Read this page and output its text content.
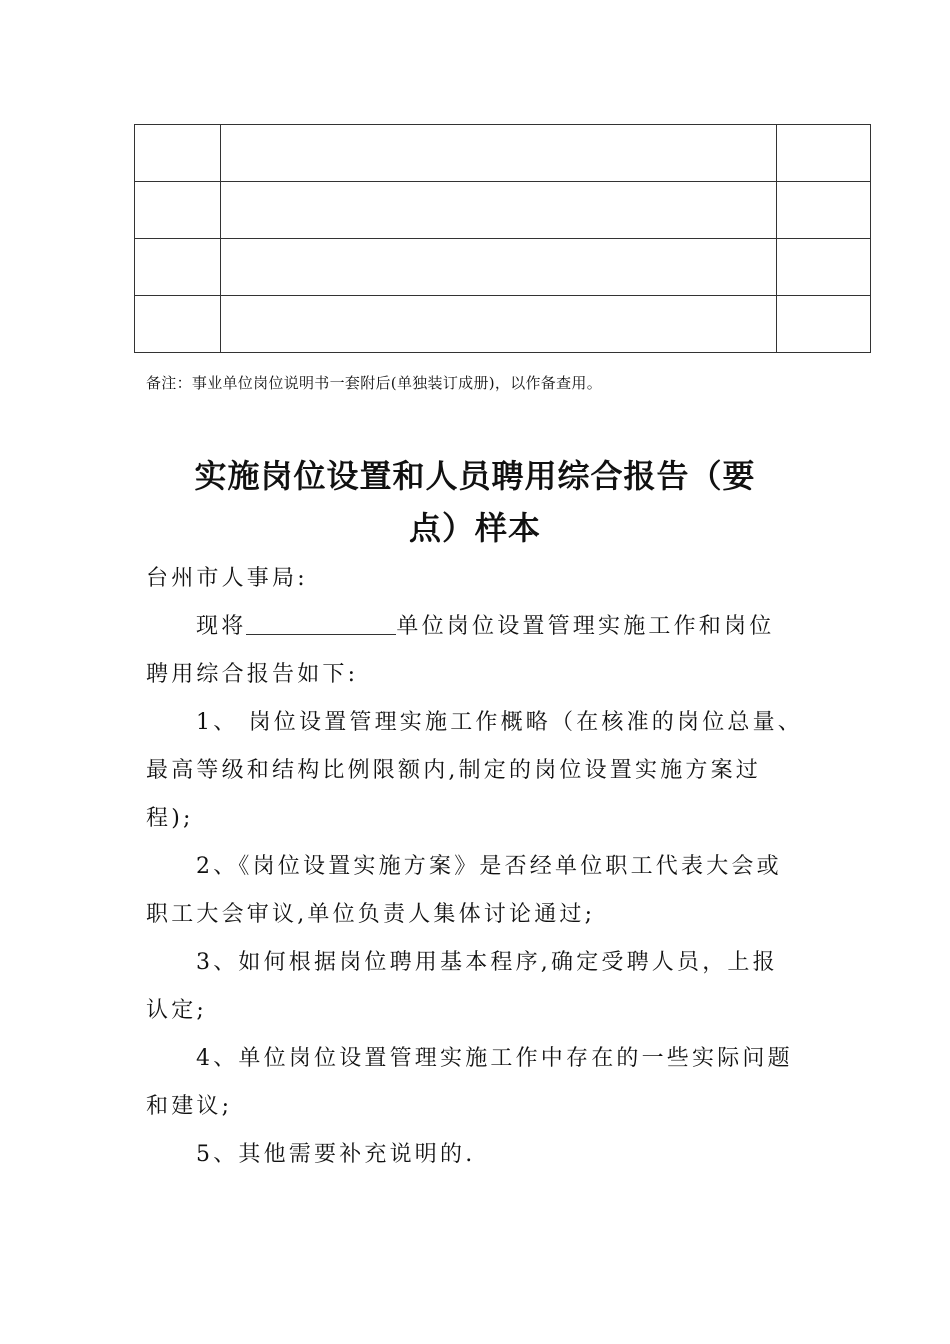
备注：事业单位岗位说明书一套附后(单独装订成册)，以作备查用。
实施岗位设置和人员聘用综合报告（要
点）样本
台州市人事局:
现将	单位岗位设置管理实施工作和岗位
聘用综合报告如下:
1、 岗位设置管理实施工作概略（在核准的岗位总量、
最高等级和结构比例限额内,制定的岗位设置实施方案过
程);
2、《岗位设置实施方案》是否经单位职工代表大会或
职工大会审议,单位负责人集体讨论通过;
3、如何根据岗位聘用基本程序,确定受聘人员，上报
认定;
4、单位岗位设置管理实施工作中存在的一些实际问题
和建议;
5、其他需要补充说明的.
